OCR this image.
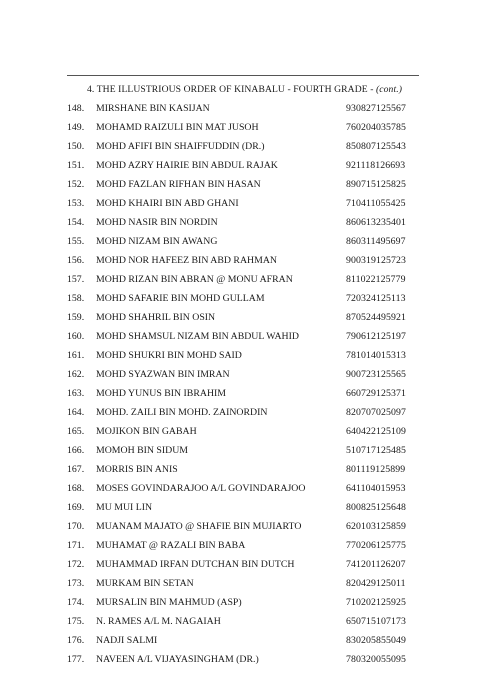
4. THE ILLUSTRIOUS ORDER OF KINABALU - FOURTH GRADE - (cont.)
148.	MIRSHANE BIN KASIJAN	930827125567
149.	MOHAMD RAIZULI BIN MAT JUSOH	760204035785
150.	MOHD AFIFI BIN SHAIFFUDDIN (DR.)	850807125543
151.	MOHD AZRY HAIRIE BIN ABDUL RAJAK	921118126693
152.	MOHD FAZLAN RIFHAN BIN HASAN	890715125825
153.	MOHD KHAIRI BIN ABD GHANI	710411055425
154.	MOHD NASIR BIN NORDIN	860613235401
155.	MOHD NIZAM BIN AWANG	860311495697
156.	MOHD NOR HAFEEZ BIN ABD RAHMAN	900319125723
157.	MOHD RIZAN BIN ABRAN @ MONU AFRAN	811022125779
158.	MOHD SAFARIE BIN MOHD GULLAM	720324125113
159.	MOHD SHAHRIL BIN OSIN	870524495921
160.	MOHD SHAMSUL NIZAM BIN ABDUL WAHID	790612125197
161.	MOHD SHUKRI BIN MOHD SAID	781014015313
162.	MOHD SYAZWAN BIN IMRAN	900723125565
163.	MOHD YUNUS BIN IBRAHIM	660729125371
164.	MOHD. ZAILI BIN MOHD. ZAINORDIN	820707025097
165.	MOJIKON BIN GABAH	640422125109
166.	MOMOH BIN SIDUM	510717125485
167.	MORRIS BIN ANIS	801119125899
168.	MOSES GOVINDARAJOO A/L GOVINDARAJOO	641104015953
169.	MU MUI LIN	800825125648
170.	MUANAM MAJATO @ SHAFIE BIN MUJIARTO	620103125859
171.	MUHAMAT @ RAZALI BIN BABA	770206125775
172.	MUHAMMAD IRFAN DUTCHAN BIN DUTCH	741201126207
173.	MURKAM BIN SETAN	820429125011
174.	MURSALIN BIN MAHMUD (ASP)	710202125925
175.	N. RAMES A/L M. NAGAIAH	650715107173
176.	NADJI SALMI	830205855049
177.	NAVEEN A/L VIJAYASINGHAM (DR.)	780320055095
